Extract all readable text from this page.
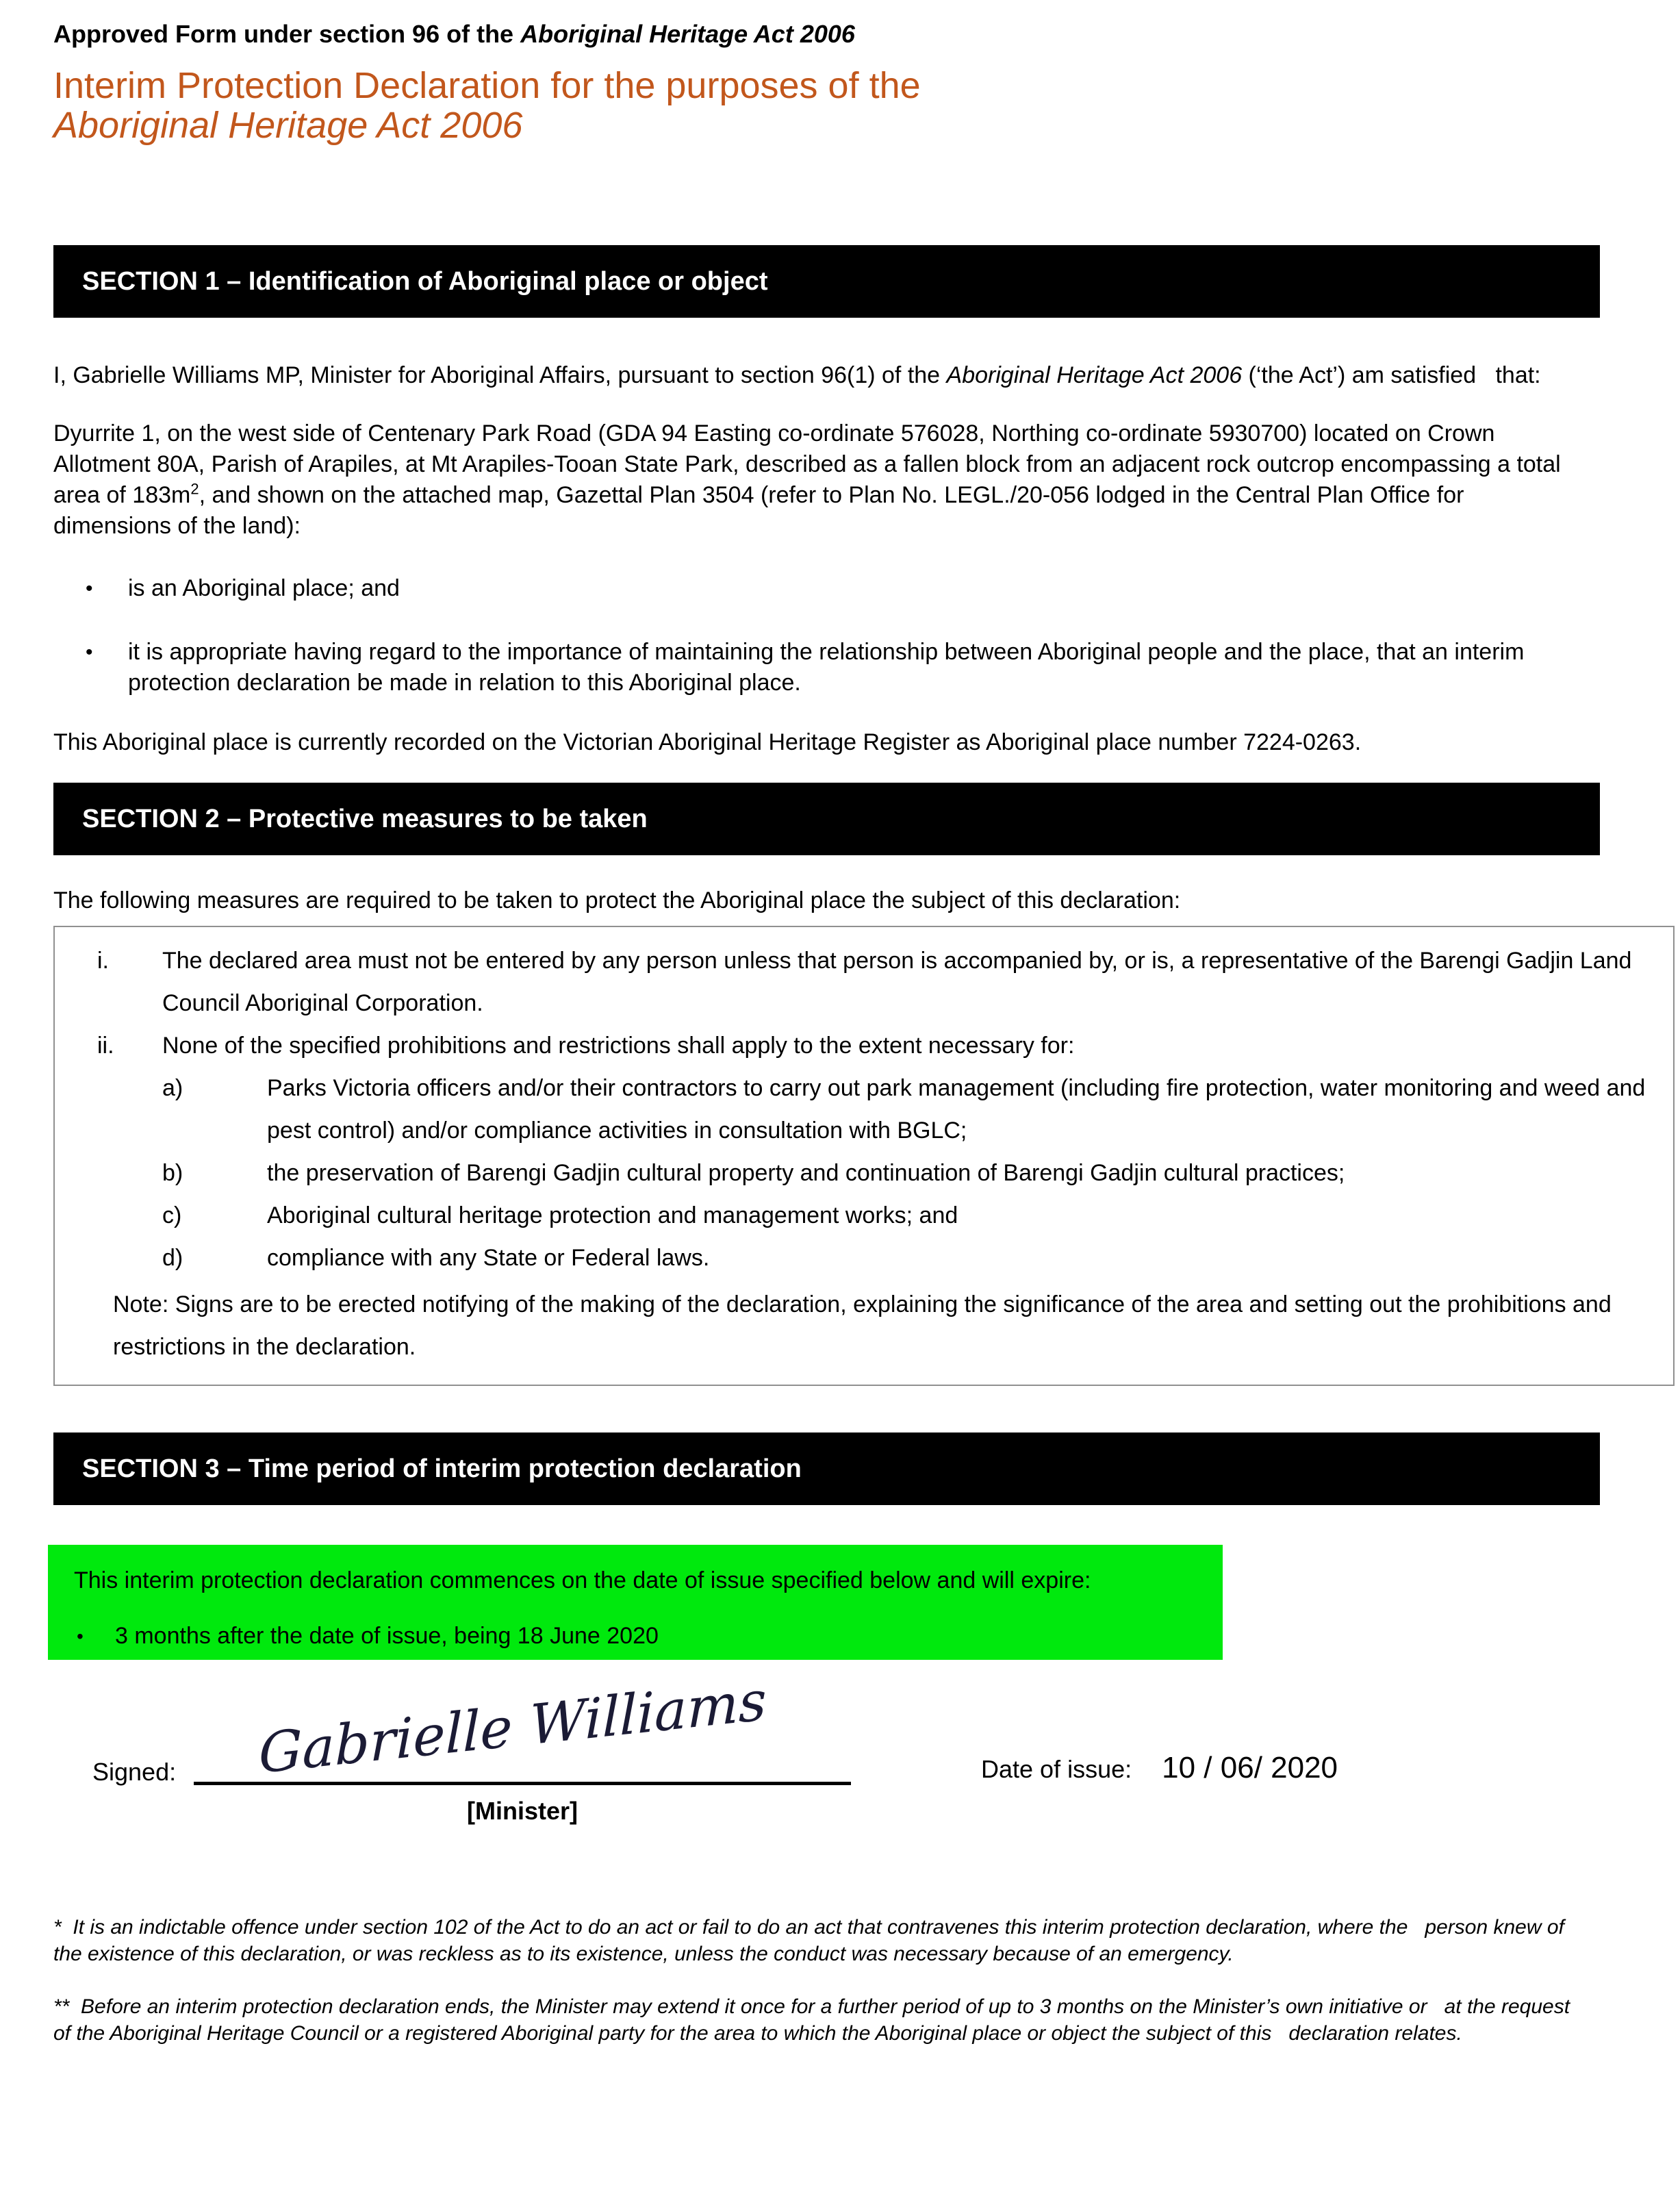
Approved Form under section 96 of the Aboriginal Heritage Act 2006

Interim Protection Declaration for the purposes of the
Aboriginal Heritage Act 2006
SECTION 1 – Identification of Aboriginal place or object

I, Gabrielle Williams MP, Minister for Aboriginal Affairs, pursuant to section 96(1) of the Aboriginal Heritage Act 2006 (‘the Act’) am satisfied   that:

Dyurrite 1, on the west side of Centenary Park Road (GDA 94 Easting co-ordinate 576028, Northing co-ordinate 5930700) located on Crown Allotment 80A, Parish of Arapiles, at Mt Arapiles-Tooan State Park, described as a fallen block from an adjacent rock outcrop encompassing a total area of $183m^2$, and shown on the attached map, Gazettal Plan 3504 (refer to Plan No. LEGL./20-056 lodged in the Central Plan Office for dimensions of the land):

•	is an Aboriginal place; and
•	it is appropriate having regard to the importance of maintaining the relationship between Aboriginal people and the place, that an interim protection declaration be made in relation to this Aboriginal place.

This Aboriginal place is currently recorded on the Victorian Aboriginal Heritage Register as Aboriginal place number 7224-0263.

SECTION 2 – Protective measures to be taken

The following measures are required to be taken to protect the Aboriginal place the subject of this declaration:

i.	The declared area must not be entered by any person unless that person is accompanied by, or is, a representative of the Barengi Gadjin Land Council Aboriginal Corporation.
ii.	None of the specified prohibitions and restrictions shall apply to the extent necessary for:
a)	Parks Victoria officers and/or their contractors to carry out park management (including fire protection, water monitoring and weed and pest control) and/or compliance activities in consultation with BGLC;
b)	the preservation of Barengi Gadjin cultural property and continuation of Barengi Gadjin cultural practices;
c)	Aboriginal cultural heritage protection and management works; and
d)	compliance with any State or Federal laws.

Note: Signs are to be erected notifying of the making of the declaration, explaining the significance of the area and setting out the prohibitions and restrictions in the declaration.

SECTION 3 – Time period of interim protection declaration

This interim protection declaration commences on the date of issue specified below and will expire:

•	3 months after the date of issue, being 18 June 2020
Signed: Gabrielle Williams
[Minister]
Date of issue: 10 / 06/ 2020

*  It is an indictable offence under section 102 of the Act to do an act or fail to do an act that contravenes this interim protection declaration, where the   person knew of the existence of this declaration, or was reckless as to its existence, unless the conduct was necessary because of an emergency.

**  Before an interim protection declaration ends, the Minister may extend it once for a further period of up to 3 months on the Minister’s own initiative or   at the request of the Aboriginal Heritage Council or a registered Aboriginal party for the area to which the Aboriginal place or object the subject of this   declaration relates.
